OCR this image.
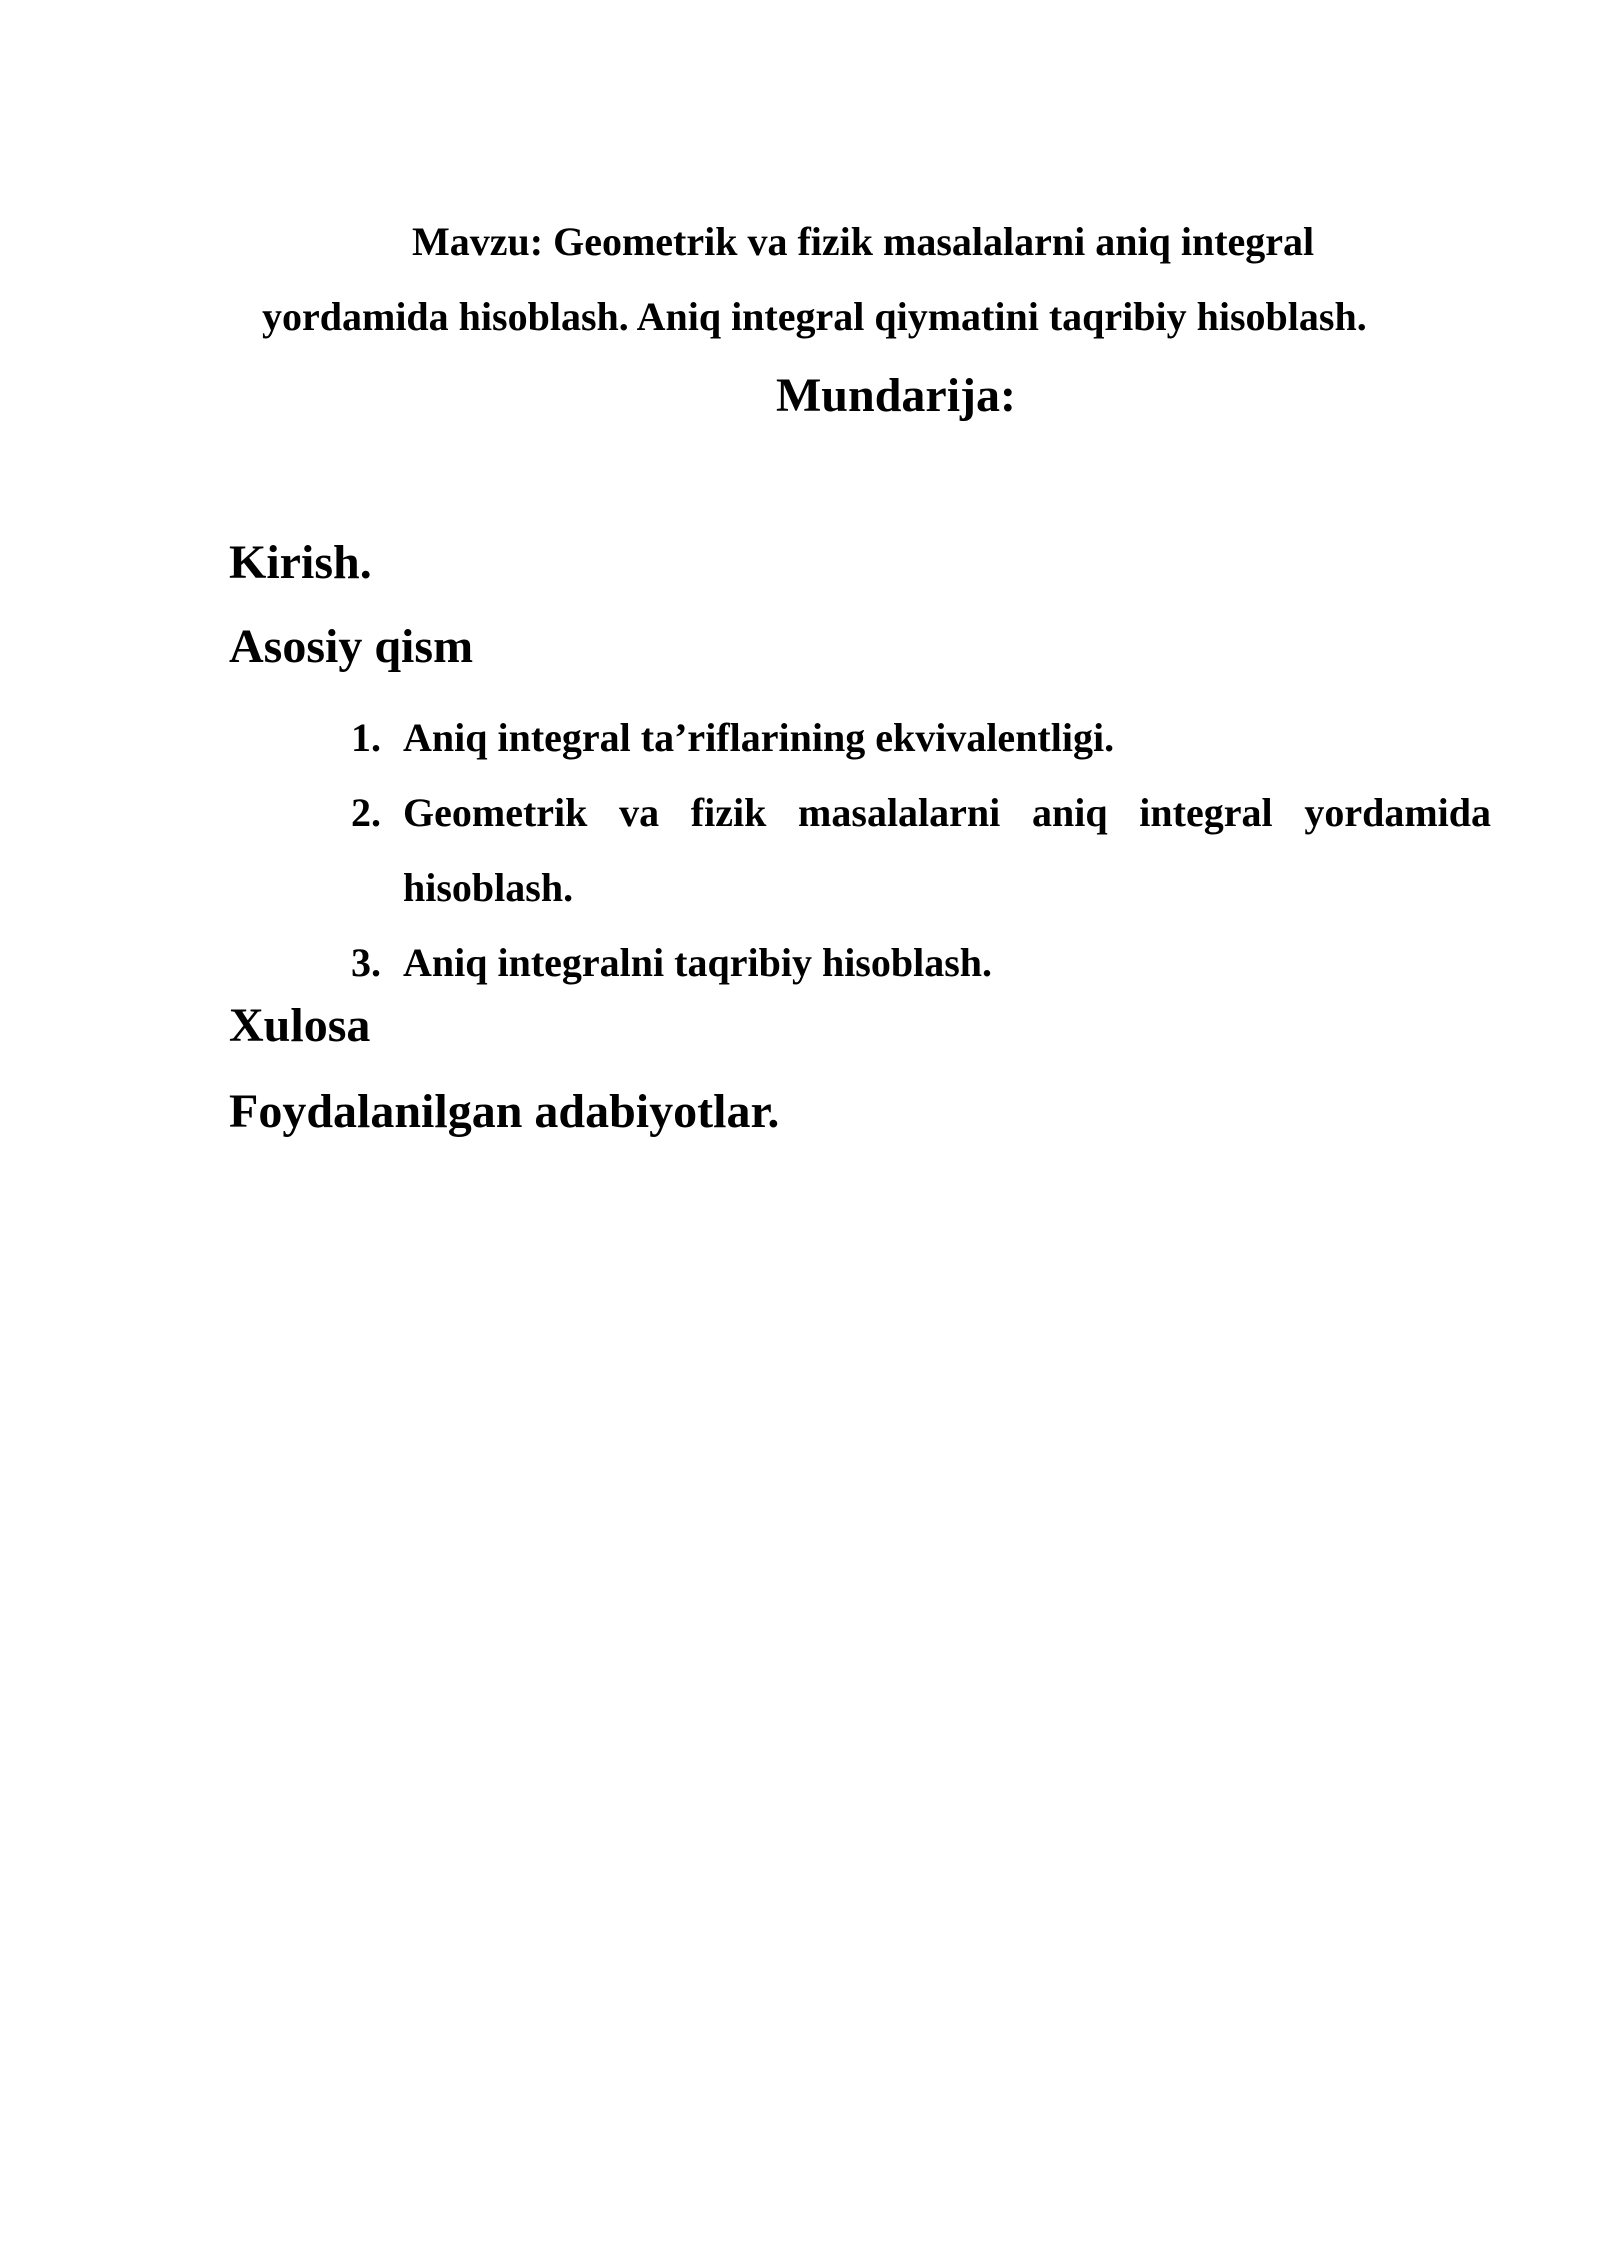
Mavzu: Geometrik va fizik masalalarni aniq integral
yordamida hisoblash. Aniq integral qiymatini taqribiy hisoblash.
Mundarija:
Kirish.
Asosiy qism
1. Aniq integral ta’riflarining ekvivalentligi.
2. Geometrik va fizik masalalarni aniq integral yordamida hisoblash.
3. Aniq integralni taqribiy hisoblash.
Xulosa
Foydalanilgan adabiyotlar.
